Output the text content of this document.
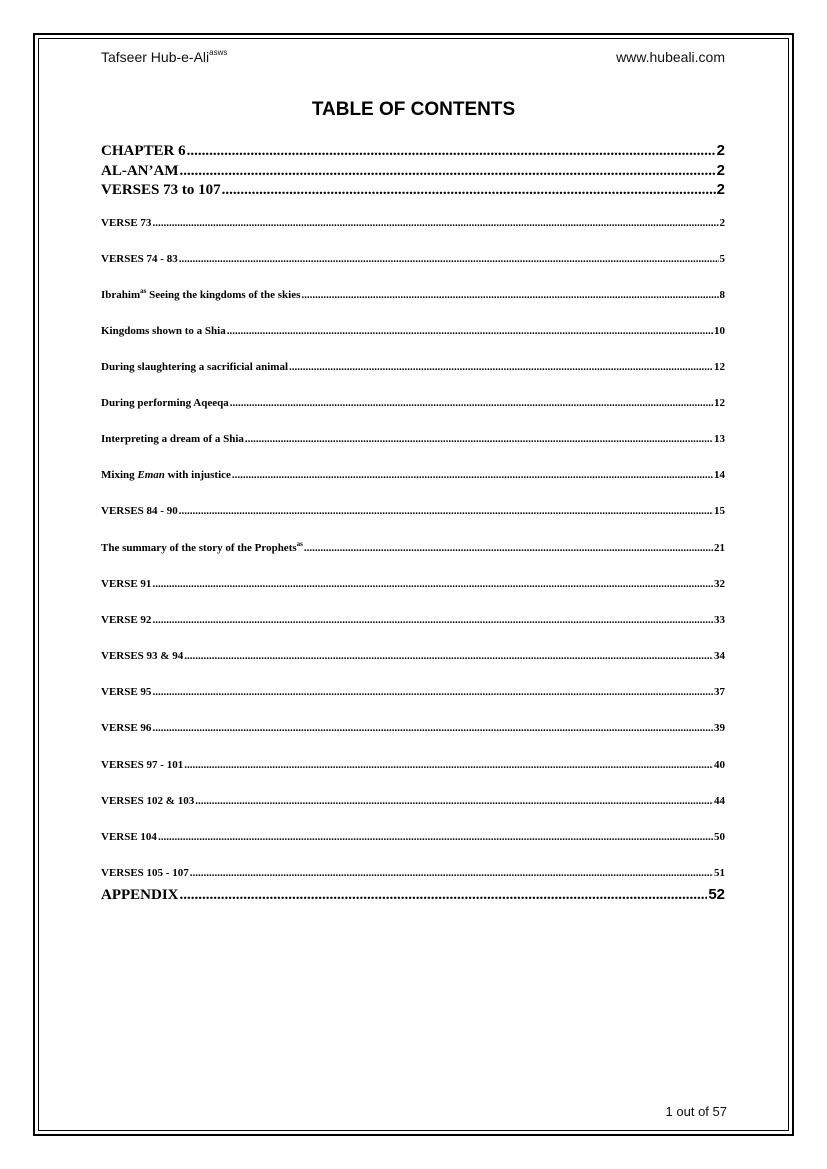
Tafseer Hub-e-Ali$^{asws}$	www.hubeali.com
TABLE OF CONTENTS
CHAPTER 6 .....	2
AL-AN’AM .....	2
VERSES 73 to 107 .....	2
VERSE 73 .....	2
VERSES 74 - 83 .....	5
Ibrahim$^{as}$ Seeing the kingdoms of the skies .....	8
Kingdoms shown to a Shia .....	10
During slaughtering a sacrificial animal .....	12
During performing Aqeeqa .....	12
Interpreting a dream of a Shia .....	13
Mixing Eman with injustice .....	14
VERSES 84 - 90 .....	15
The summary of the story of the Prophets$^{as}$ .....	21
VERSE 91 .....	32
VERSE 92 .....	33
VERSES 93 & 94 .....	34
VERSE 95 .....	37
VERSE 96 .....	39
VERSES 97 - 101 .....	40
VERSES 102 & 103 .....	44
VERSE 104 .....	50
VERSES 105 - 107 .....	51
APPENDIX .....	52
1 out of 57
